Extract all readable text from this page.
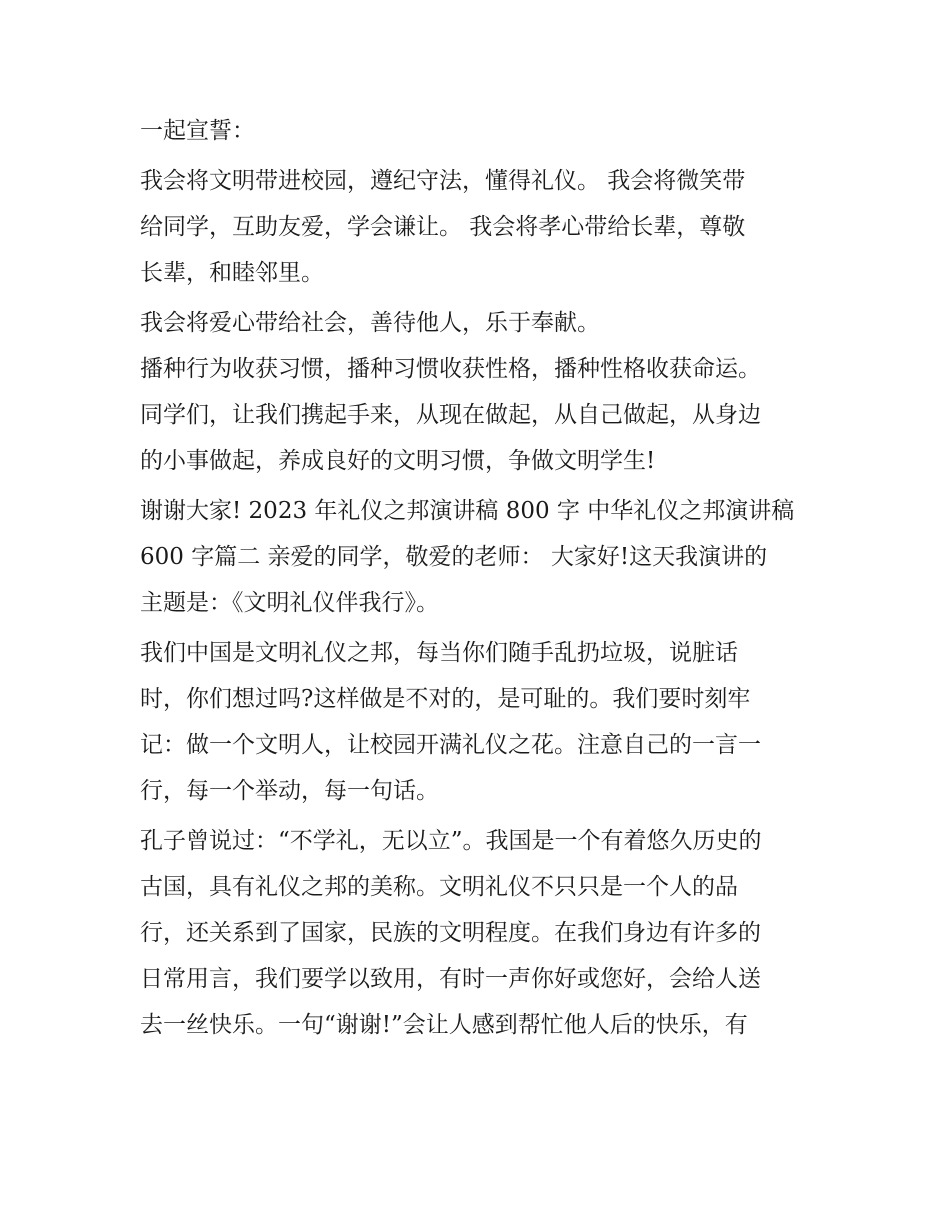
一起宣誓：
我会将文明带进校园，遵纪守法，懂得礼仪。 我会将微笑带
给同学，互助友爱，学会谦让。 我会将孝心带给长辈，尊敬
长辈，和睦邻里。
我会将爱心带给社会，善待他人，乐于奉献。
播种行为收获习惯，播种习惯收获性格，播种性格收获命运。
同学们，让我们携起手来，从现在做起，从自己做起，从身边
的小事做起，养成良好的文明习惯，争做文明学生!
谢谢大家! 2023 年礼仪之邦演讲稿 800 字 中华礼仪之邦演讲稿
600 字篇二 亲爱的同学，敬爱的老师： 大家好!这天我演讲的
主题是：《文明礼仪伴我行》。
我们中国是文明礼仪之邦，每当你们随手乱扔垃圾，说脏话
时，你们想过吗?这样做是不对的，是可耻的。我们要时刻牢
记：做一个文明人，让校园开满礼仪之花。注意自己的一言一
行，每一个举动，每一句话。
孔子曾说过：“不学礼，无以立”。我国是一个有着悠久历史的
古国，具有礼仪之邦的美称。文明礼仪不只只是一个人的品
行，还关系到了国家，民族的文明程度。在我们身边有许多的
日常用言，我们要学以致用，有时一声你好或您好，会给人送
去一丝快乐。一句“谢谢!”会让人感到帮忙他人后的快乐，有
